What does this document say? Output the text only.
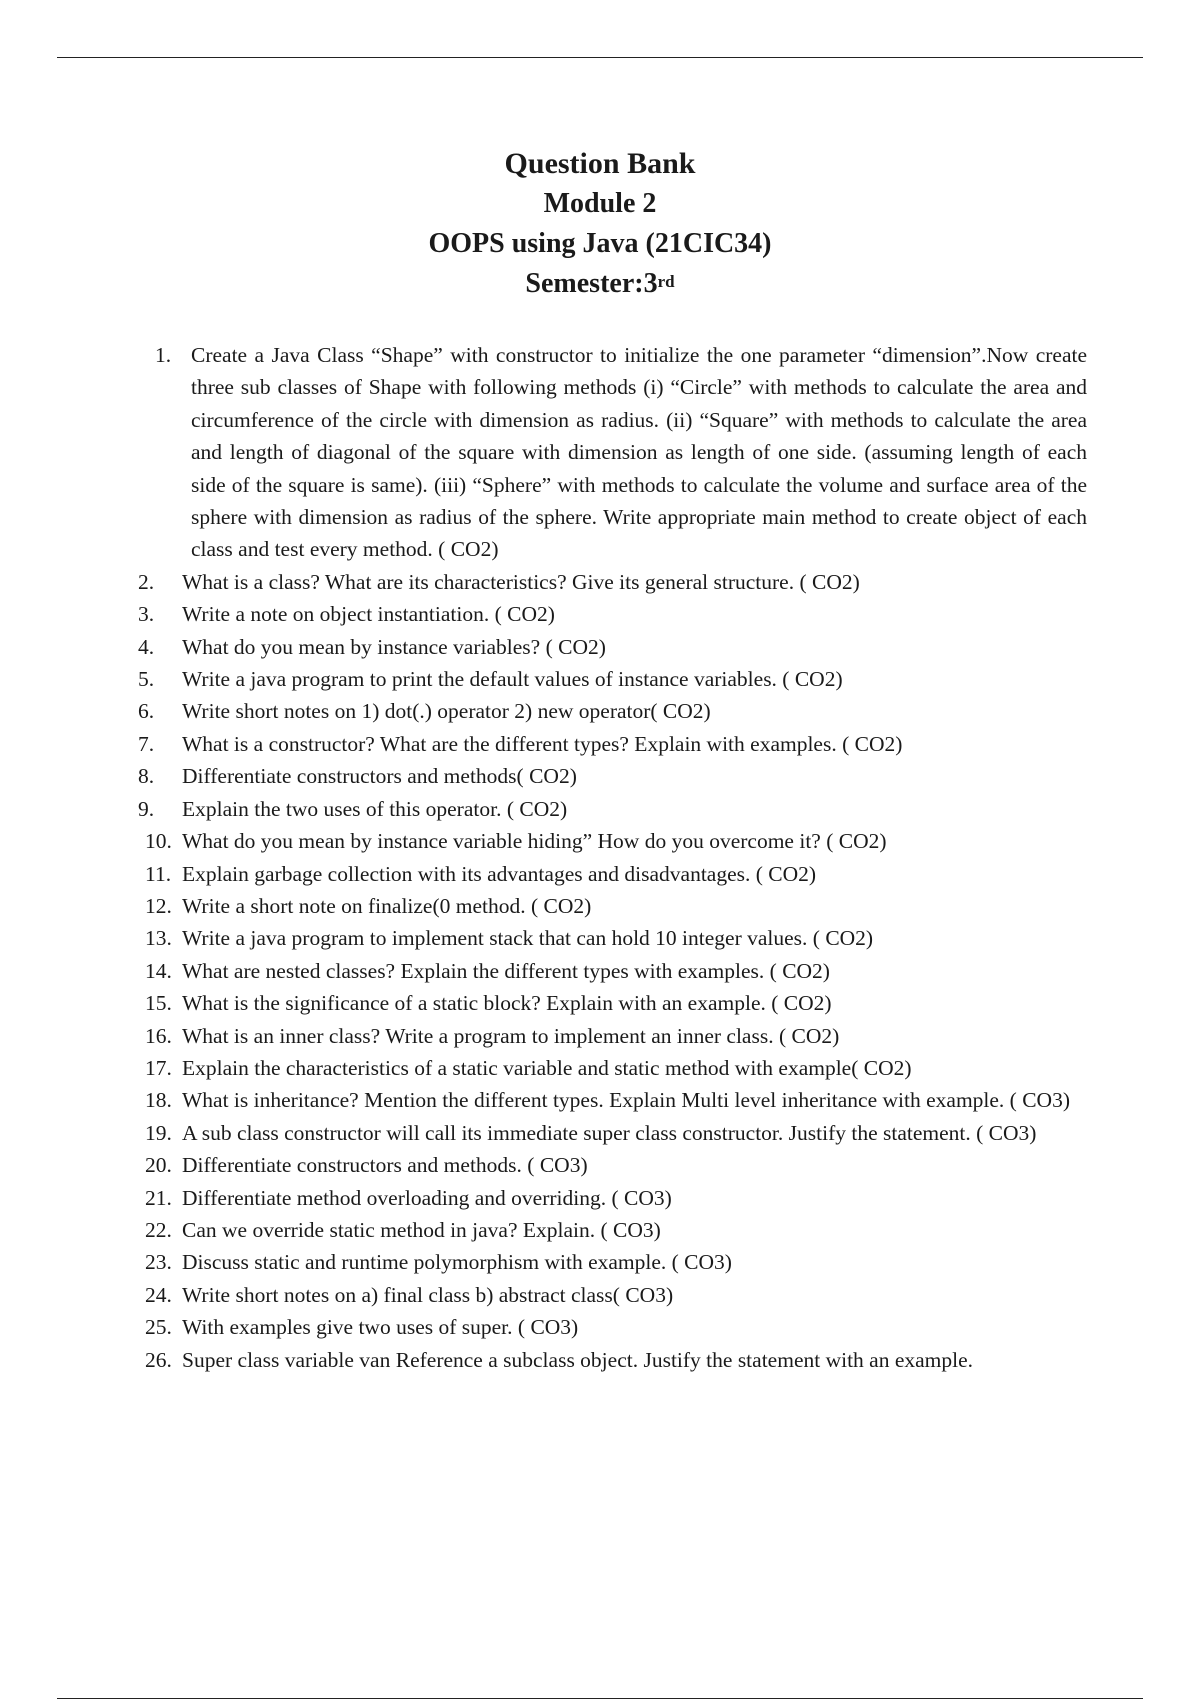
Question Bank
Module 2
OOPS using Java (21CIC34)
Semester:3rd
1. Create a Java Class “Shape” with constructor to initialize the one parameter “dimension”.Now create three sub classes of Shape with following methods (i) “Circle” with methods to calculate the area and circumference of the circle with dimension as radius. (ii) “Square” with methods to calculate the area and length of diagonal of the square with dimension as length of one side. (assuming length of each side of the square is same). (iii) “Sphere” with methods to calculate the volume and surface area of the sphere with dimension as radius of the sphere. Write appropriate main method to create object of each class and test every method. ( CO2)
2.	What is a class? What are its characteristics? Give its general structure. ( CO2)
3.	Write a note on object instantiation. ( CO2)
4.	What do you mean by instance variables? ( CO2)
5.	Write a java program to print the default values of instance variables. ( CO2)
6.	Write short notes on 1) dot(.) operator 2) new operator( CO2)
7.	What is a constructor? What are the different types? Explain with examples. ( CO2)
8.	Differentiate constructors and methods( CO2)
9.	Explain the two uses of this operator. ( CO2)
10. What do you mean by instance variable hiding” How do you overcome it? ( CO2)
11. Explain garbage collection with its advantages and disadvantages. ( CO2)
12. Write a short note on finalize(0 method. ( CO2)
13. Write a java program to implement stack that can hold 10 integer values. ( CO2)
14. What are nested classes? Explain the different types with examples. ( CO2)
15. What is the significance of a static block? Explain with an example. ( CO2)
16. What is an inner class? Write a program to implement an inner class. ( CO2)
17. Explain the characteristics of a static variable and static method with example( CO2)
18. What is inheritance? Mention the different types. Explain Multi level inheritance with example. ( CO3)
19. A sub class constructor will call its immediate super class constructor. Justify the statement. ( CO3)
20. Differentiate constructors and methods. ( CO3)
21. Differentiate method overloading and overriding. ( CO3)
22. Can we override static method in java? Explain. ( CO3)
23. Discuss static and runtime polymorphism with example. ( CO3)
24. Write short notes on a) final class b) abstract class( CO3)
25. With examples give two uses of super. ( CO3)
26. Super class variable van Reference a subclass object. Justify the statement with an example.
